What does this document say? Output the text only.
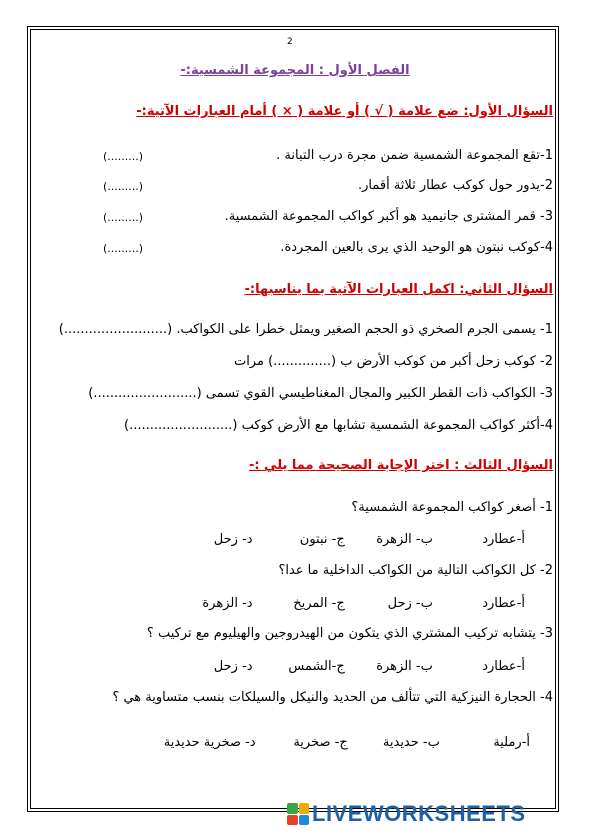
2
الفصل الأول : المجموعة الشمسية:-
السؤال الأول: ضع علامة ( √ ) أو علامة ( × ) أمام العبارات الآتية:-
1-تقع المجموعة الشمسية ضمن مجرة درب التبانة .
(.........)
2-يدور حول كوكب عطار ثلاثة أقمار.
(.........)
3- قمر المشترى جانيميد هو أكبر كواكب المجموعة الشمسية.
(.........)
4-كوكب نبتون هو الوحيد الذي يرى بالعين المجردة.
(.........)
السؤال الثاني: اكمل العبارات الآتية بما يناسبها:-
1- يسمى الجرم الصخري ذو الحجم الصغير ويمثل خطرا على الكواكب. (.........................)
2- كوكب زحل أكبر من كوكب الأرض ب (..............) مرات
3- الكواكب ذات القطر الكبير والمجال المغناطيسي القوي تسمى (.........................)
4-أكثر كواكب المجموعة الشمسية تشابها مع الأرض كوكب (.........................)
السؤال الثالث : اختر الإجابة الصحيحة مما يلي :-
1- أصغر كواكب المجموعة الشمسية؟
أ-عطارد ب- الزهرة ج- نبتون د- زحل
2- كل الكواكب التالية من الكواكب الداخلية ما عدا؟
أ-عطارد ب- زحل ج- المريخ د- الزهرة
3- يتشابه تركيب المشتري الذي يتكون من الهيدروجين والهيليوم مع تركيب ؟
أ-عطارد ب- الزهرة ج-الشمس د- زحل
4- الحجارة النيزكية التي تتألف من الحديد والنيكل والسيلكات بنسب متساوية هي ؟
أ-رملية ب- حديدية ج- صخرية د- صخرية حديدية
LIVEWORKSHEETS
